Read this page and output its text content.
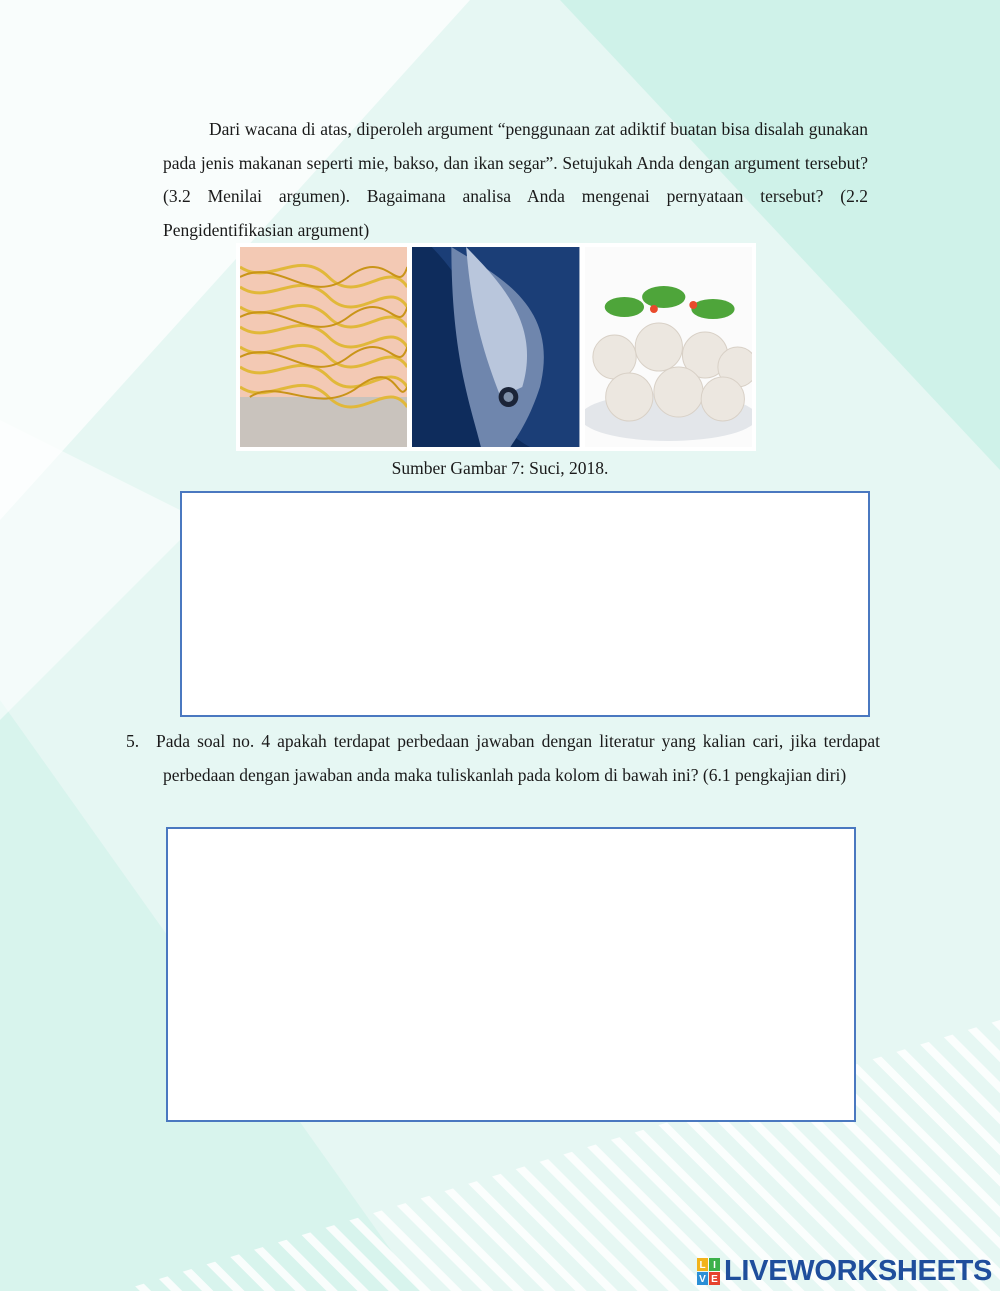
Dari wacana di atas, diperoleh argument “penggunaan zat adiktif buatan bisa disalah gunakan pada jenis makanan seperti mie, bakso, dan ikan segar”. Setujukah Anda dengan argument tersebut? (3.2 Menilai argumen). Bagaimana analisa Anda mengenai pernyataan tersebut? (2.2 Pengidentifikasian argument)

Sumber Gambar 7: Suci, 2018.
5. Pada soal no. 4 apakah terdapat perbedaan jawaban dengan literatur yang kalian cari, jika terdapat perbedaan dengan jawaban anda maka tuliskanlah pada kolom di bawah ini? (6.1 pengkajian diri)

L I
V E LIVEWORKSHEETS
